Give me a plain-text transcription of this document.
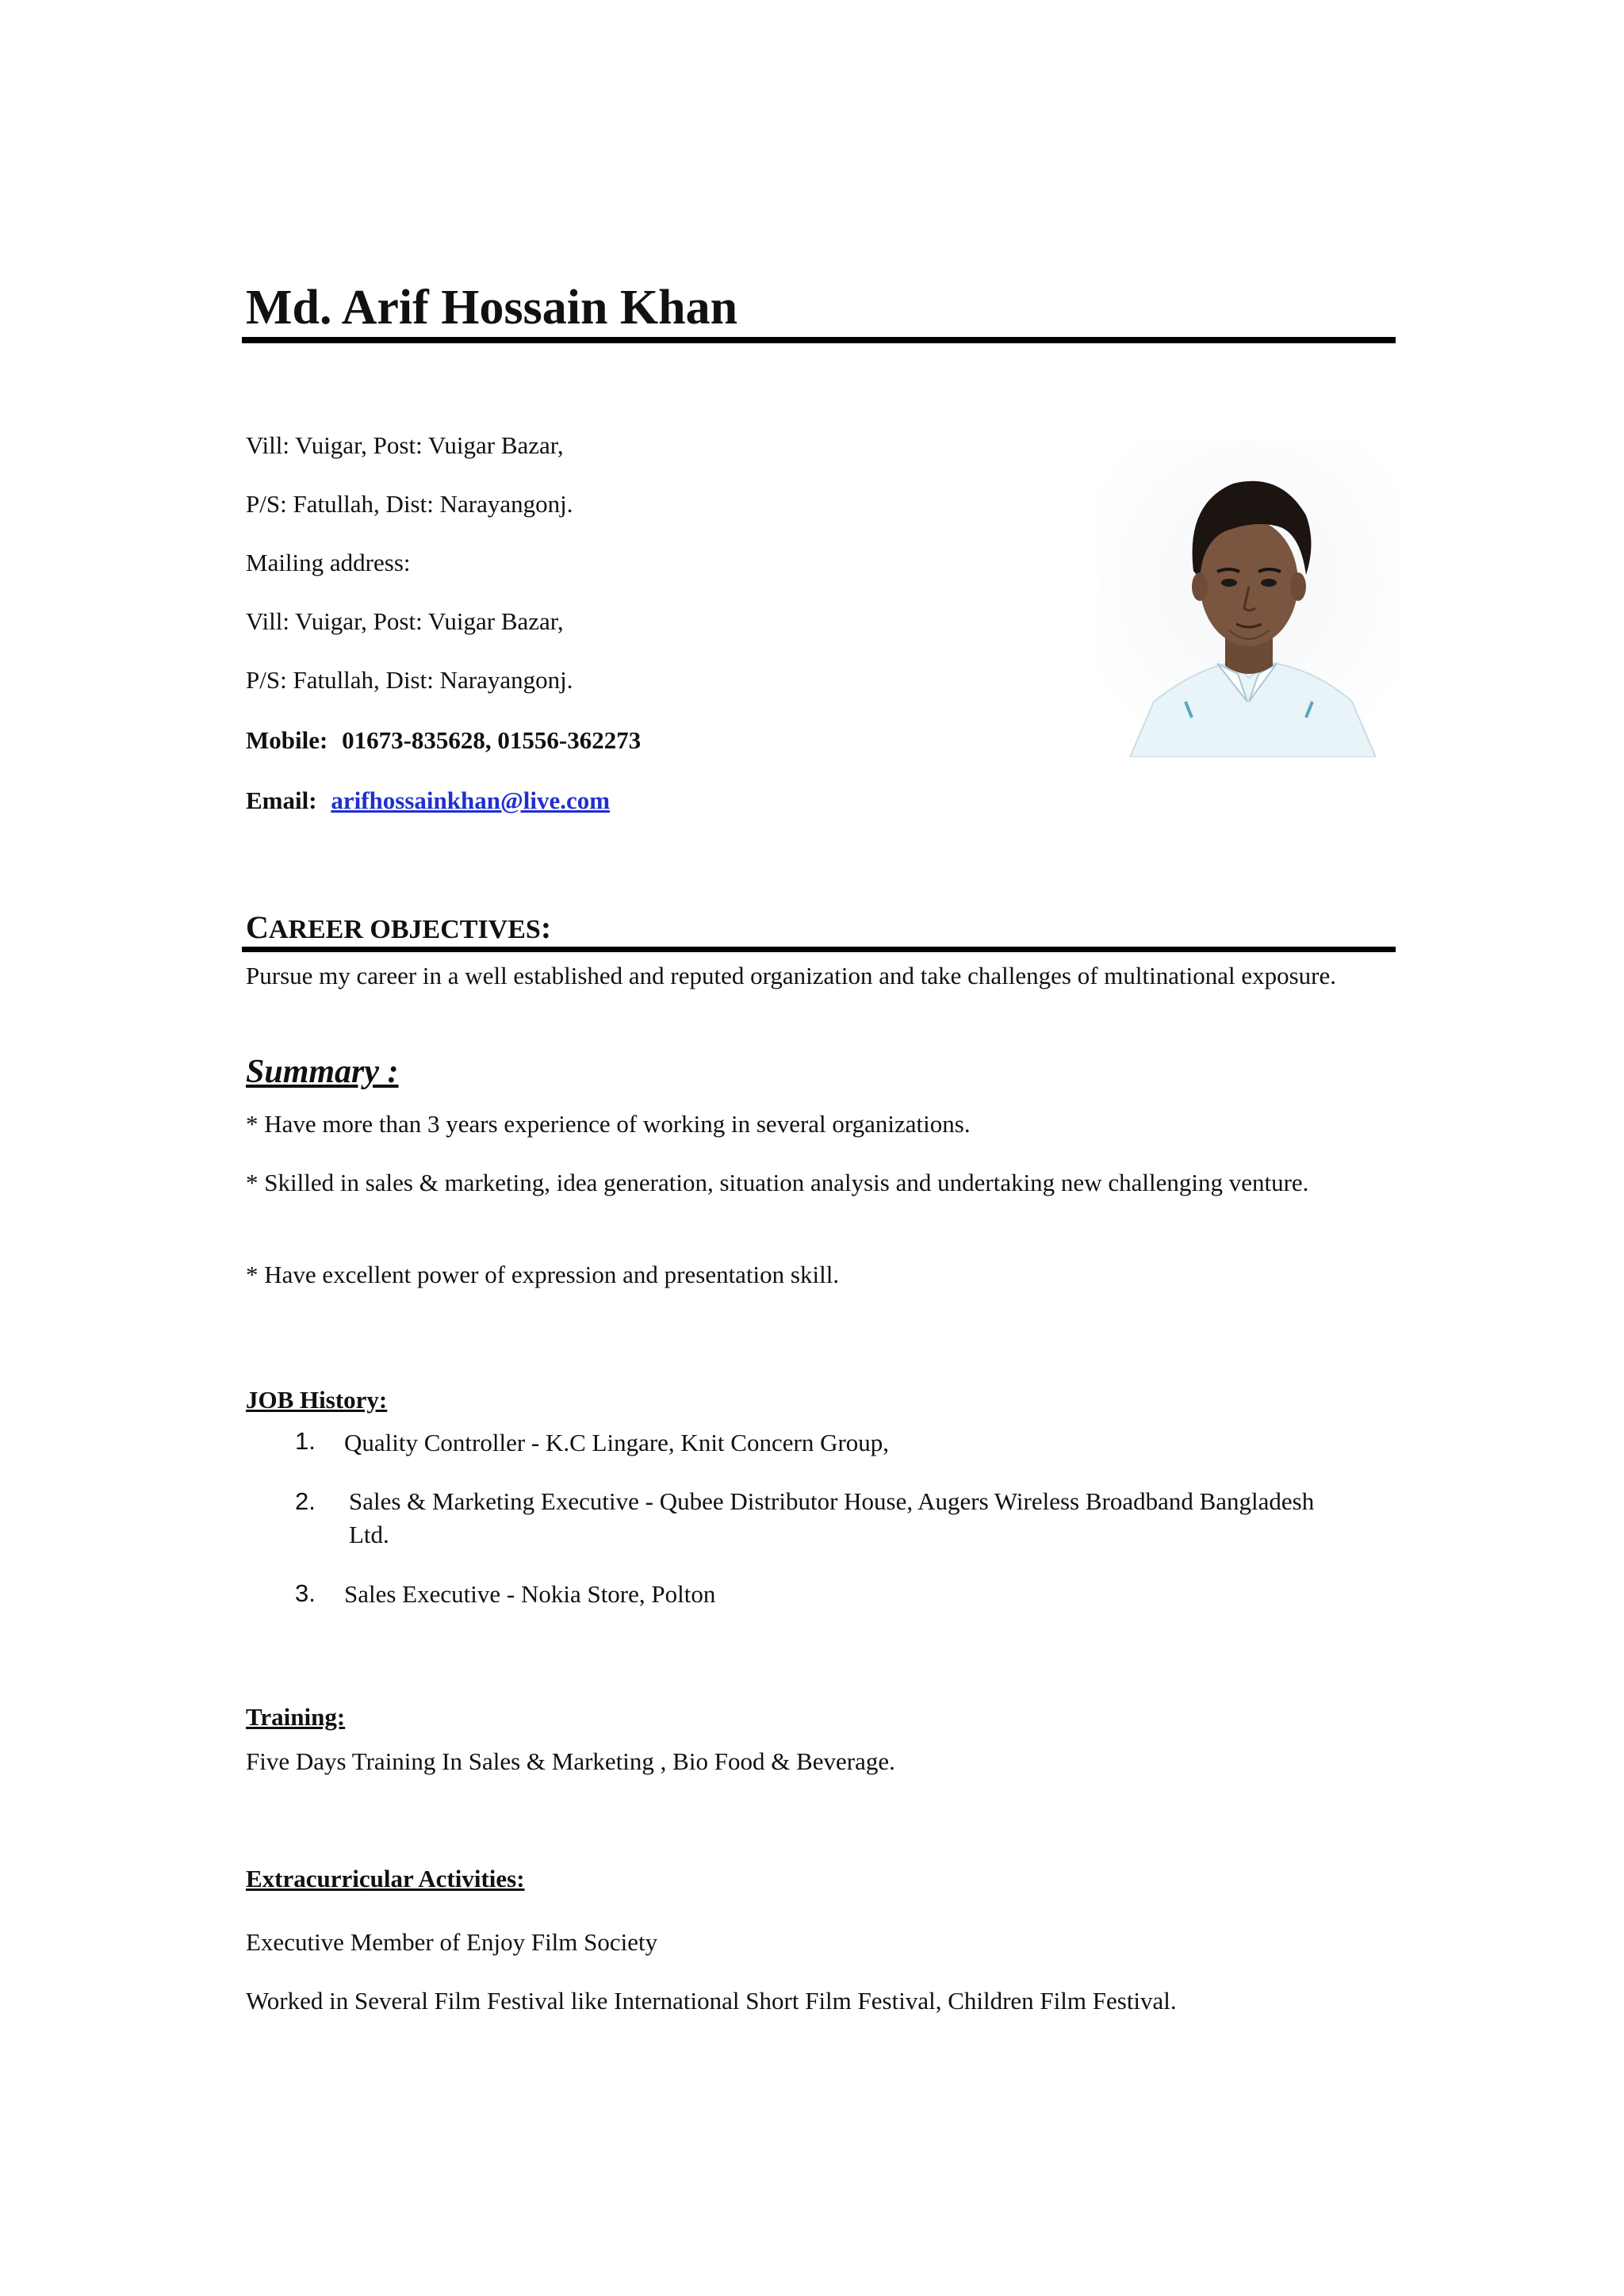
Md. Arif Hossain Khan
Vill: Vuigar, Post: Vuigar Bazar,
P/S: Fatullah, Dist: Narayangonj.
Mailing address:
Vill: Vuigar, Post: Vuigar Bazar,
P/S: Fatullah, Dist: Narayangonj.
Mobile: 01673-835628, 01556-362273
Email: arifhossainkhan@live.com
CAREER OBJECTIVES:
Pursue my career in a well established and reputed organization and take challenges of multinational exposure.
Summary :
* Have more than 3 years experience of working in several organizations.
* Skilled in sales & marketing, idea generation, situation analysis and undertaking new challenging venture.
* Have excellent power of expression and presentation skill.
JOB History:
1. Quality Controller - K.C Lingare, Knit Concern Group,
2. Sales & Marketing Executive - Qubee Distributor House, Augers Wireless Broadband Bangladesh Ltd.
3. Sales Executive - Nokia Store, Polton
Training:
Five Days Training In Sales & Marketing , Bio Food & Beverage.
Extracurricular Activities:
Executive Member of Enjoy Film Society
Worked in Several Film Festival like International Short Film Festival, Children Film Festival.
